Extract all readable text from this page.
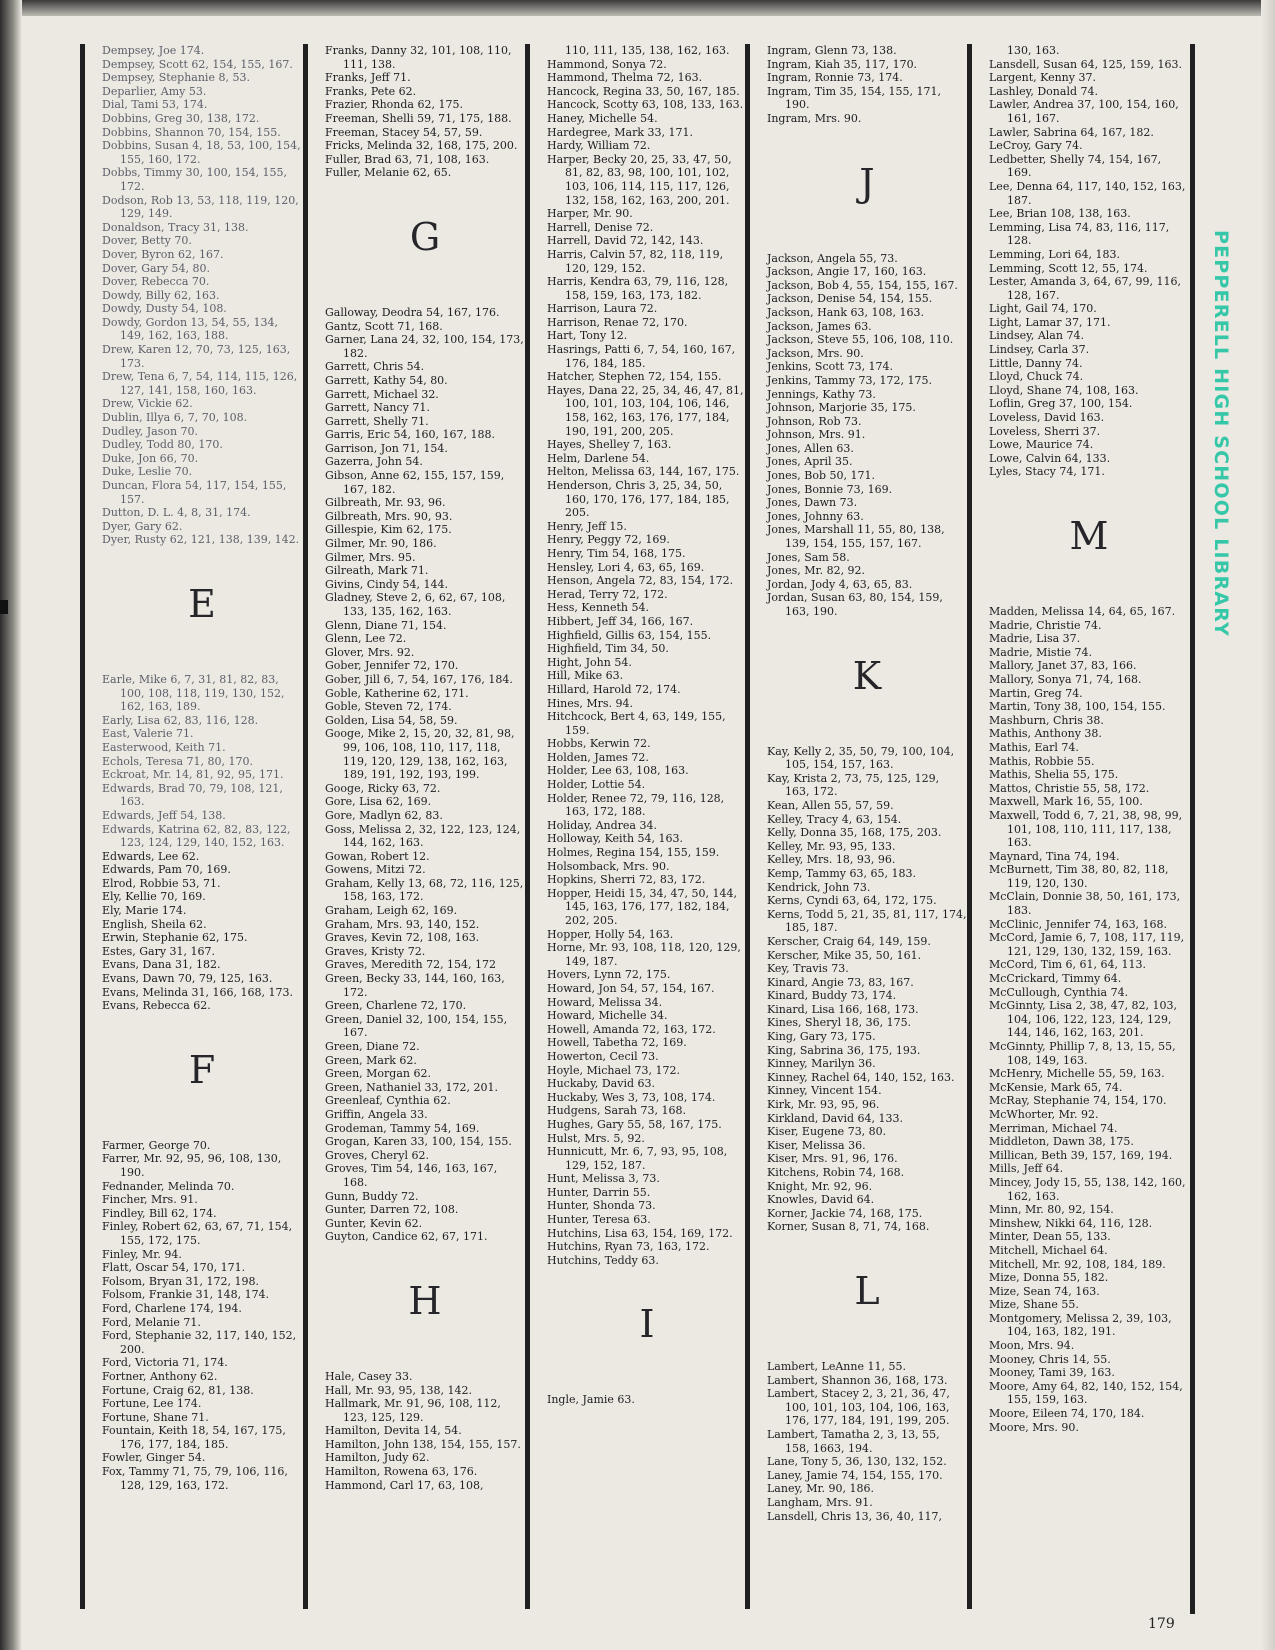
Dempsey, Joe 174.
Dempsey, Scott 62, 154, 155, 167.
Dempsey, Stephanie 8, 53.
Deparlier, Amy 53.
Dial, Tami 53, 174.
Dobbins, Greg 30, 138, 172.
Dobbins, Shannon 70, 154, 155.
Dobbins, Susan 4, 18, 53, 100, 154, 155, 160, 172.
Dobbs, Timmy 30, 100, 154, 155, 172.
Dodson, Rob 13, 53, 118, 119, 120, 129, 149.
Donaldson, Tracy 31, 138.
Dover, Betty 70.
Dover, Byron 62, 167.
Dover, Gary 54, 80.
Dover, Rebecca 70.
Dowdy, Billy 62, 163.
Dowdy, Dusty 54, 108.
Dowdy, Gordon 13, 54, 55, 134, 149, 162, 163, 188.
Drew, Karen 12, 70, 73, 125, 163, 173.
Drew, Tena 6, 7, 54, 114, 115, 126, 127, 141, 158, 160, 163.
Drew, Vickie 62.
Dublin, Illya 6, 7, 70, 108.
Dudley, Jason 70.
Dudley, Todd 80, 170.
Duke, Jon 66, 70.
Duke, Leslie 70.
Duncan, Flora 54, 117, 154, 155, 157.
Dutton, D. L. 4, 8, 31, 174.
Dyer, Gary 62.
Dyer, Rusty 62, 121, 138, 139, 142.
E
Earle, Mike 6, 7, 31, 81, 82, 83, 100, 108, 118, 119, 130, 152, 162, 163, 189.
Early, Lisa 62, 83, 116, 128.
East, Valerie 71.
Easterwood, Keith 71.
Echols, Teresa 71, 80, 170.
Eckroat, Mr. 14, 81, 92, 95, 171.
Edwards, Brad 70, 79, 108, 121, 163.
Edwards, Jeff 54, 138.
Edwards, Katrina 62, 82, 83, 122, 123, 124, 129, 140, 152, 163.
Edwards, Lee 62.
Edwards, Pam 70, 169.
Elrod, Robbie 53, 71.
Ely, Kellie 70, 169.
Ely, Marie 174.
English, Sheila 62.
Erwin, Stephanie 62, 175.
Estes, Gary 31, 167.
Evans, Dana 31, 182.
Evans, Dawn 70, 79, 125, 163.
Evans, Melinda 31, 166, 168, 173.
Evans, Rebecca 62.
F
Farmer, George 70.
Farrer, Mr. 92, 95, 96, 108, 130, 190.
Fednander, Melinda 70.
Fincher, Mrs. 91.
Findley, Bill 62, 174.
Finley, Robert 62, 63, 67, 71, 154, 155, 172, 175.
Finley, Mr. 94.
Flatt, Oscar 54, 170, 171.
Folsom, Bryan 31, 172, 198.
Folsom, Frankie 31, 148, 174.
Ford, Charlene 174, 194.
Ford, Melanie 71.
Ford, Stephanie 32, 117, 140, 152, 200.
Ford, Victoria 71, 174.
Fortner, Anthony 62.
Fortune, Craig 62, 81, 138.
Fortune, Lee 174.
Fortune, Shane 71.
Fountain, Keith 18, 54, 167, 175, 176, 177, 184, 185.
Fowler, Ginger 54.
Fox, Tammy 71, 75, 79, 106, 116, 128, 129, 163, 172.
Franks, Danny 32, 101, 108, 110, 111, 138.
Franks, Jeff 71.
Franks, Pete 62.
Frazier, Rhonda 62, 175.
Freeman, Shelli 59, 71, 175, 188.
Freeman, Stacey 54, 57, 59.
Fricks, Melinda 32, 168, 175, 200.
Fuller, Brad 63, 71, 108, 163.
Fuller, Melanie 62, 65.
G
Galloway, Deodra 54, 167, 176.
Gantz, Scott 71, 168.
Garner, Lana 24, 32, 100, 154, 173, 182.
Garrett, Chris 54.
Garrett, Kathy 54, 80.
Garrett, Michael 32.
Garrett, Nancy 71.
Garrett, Shelly 71.
Garris, Eric 54, 160, 167, 188.
Garrison, Jon 71, 154.
Gazerra, John 54.
Gibson, Anne 62, 155, 157, 159, 167, 182.
Gilbreath, Mr. 93, 96.
Gilbreath, Mrs. 90, 93.
Gillespie, Kim 62, 175.
Gilmer, Mr. 90, 186.
Gilmer, Mrs. 95.
Gilreath, Mark 71.
Givins, Cindy 54, 144.
Gladney, Steve 2, 6, 62, 67, 108, 133, 135, 162, 163.
Glenn, Diane 71, 154.
Glenn, Lee 72.
Glover, Mrs. 92.
Gober, Jennifer 72, 170.
Gober, Jill 6, 7, 54, 167, 176, 184.
Goble, Katherine 62, 171.
Goble, Steven 72, 174.
Golden, Lisa 54, 58, 59.
Googe, Mike 2, 15, 20, 32, 81, 98, 99, 106, 108, 110, 117, 118, 119, 120, 129, 138, 162, 163, 189, 191, 192, 193, 199.
Googe, Ricky 63, 72.
Gore, Lisa 62, 169.
Gore, Madlyn 62, 83.
Goss, Melissa 2, 32, 122, 123, 124, 144, 162, 163.
Gowan, Robert 12.
Gowens, Mitzi 72.
Graham, Kelly 13, 68, 72, 116, 125, 158, 163, 172.
Graham, Leigh 62, 169.
Graham, Mrs. 93, 140, 152.
Graves, Kevin 72, 108, 163.
Graves, Kristy 72.
Graves, Meredith 72, 154, 172
Green, Becky 33, 144, 160, 163, 172.
Green, Charlene 72, 170.
Green, Daniel 32, 100, 154, 155, 167.
Green, Diane 72.
Green, Mark 62.
Green, Morgan 62.
Green, Nathaniel 33, 172, 201.
Greenleaf, Cynthia 62.
Griffin, Angela 33.
Grodeman, Tammy 54, 169.
Grogan, Karen 33, 100, 154, 155.
Groves, Cheryl 62.
Groves, Tim 54, 146, 163, 167, 168.
Gunn, Buddy 72.
Gunter, Darren 72, 108.
Gunter, Kevin 62.
Guyton, Candice 62, 67, 171.
H
Hale, Casey 33.
Hall, Mr. 93, 95, 138, 142.
Hallmark, Mr. 91, 96, 108, 112, 123, 125, 129.
Hamilton, Devita 14, 54.
Hamilton, John 138, 154, 155, 157.
Hamilton, Judy 62.
Hamilton, Rowena 63, 176.
Hammond, Carl 17, 63, 108,
110, 111, 135, 138, 162, 163.
Hammond, Sonya 72.
Hammond, Thelma 72, 163.
Hancock, Regina 33, 50, 167, 185.
Hancock, Scotty 63, 108, 133, 163.
Haney, Michelle 54.
Hardegree, Mark 33, 171.
Hardy, William 72.
Harper, Becky 20, 25, 33, 47, 50, 81, 82, 83, 98, 100, 101, 102, 103, 106, 114, 115, 117, 126, 132, 158, 162, 163, 200, 201.
Harper, Mr. 90.
Harrell, Denise 72.
Harrell, David 72, 142, 143.
Harris, Calvin 57, 82, 118, 119, 120, 129, 152.
Harris, Kendra 63, 79, 116, 128, 158, 159, 163, 173, 182.
Harrison, Laura 72.
Harrison, Renae 72, 170.
Hart, Tony 12.
Hasrings, Patti 6, 7, 54, 160, 167, 176, 184, 185.
Hatcher, Stephen 72, 154, 155.
Hayes, Dana 22, 25, 34, 46, 47, 81, 100, 101, 103, 104, 106, 146, 158, 162, 163, 176, 177, 184, 190, 191, 200, 205.
Hayes, Shelley 7, 163.
Helm, Darlene 54.
Helton, Melissa 63, 144, 167, 175.
Henderson, Chris 3, 25, 34, 50, 160, 170, 176, 177, 184, 185, 205.
Henry, Jeff 15.
Henry, Peggy 72, 169.
Henry, Tim 54, 168, 175.
Hensley, Lori 4, 63, 65, 169.
Henson, Angela 72, 83, 154, 172.
Herad, Terry 72, 172.
Hess, Kenneth 54.
Hibbert, Jeff 34, 166, 167.
Highfield, Gillis 63, 154, 155.
Highfield, Tim 34, 50.
Hight, John 54.
Hill, Mike 63.
Hillard, Harold 72, 174.
Hines, Mrs. 94.
Hitchcock, Bert 4, 63, 149, 155, 159.
Hobbs, Kerwin 72.
Holden, James 72.
Holder, Lee 63, 108, 163.
Holder, Lottie 54.
Holder, Renee 72, 79, 116, 128, 163, 172, 188.
Holiday, Andrea 34.
Holloway, Keith 54, 163.
Holmes, Regina 154, 155, 159.
Holsomback, Mrs. 90.
Hopkins, Sherri 72, 83, 172.
Hopper, Heidi 15, 34, 47, 50, 144, 145, 163, 176, 177, 182, 184, 202, 205.
Hopper, Holly 54, 163.
Horne, Mr. 93, 108, 118, 120, 129, 149, 187.
Hovers, Lynn 72, 175.
Howard, Jon 54, 57, 154, 167.
Howard, Melissa 34.
Howard, Michelle 34.
Howell, Amanda 72, 163, 172.
Howell, Tabetha 72, 169.
Howerton, Cecil 73.
Hoyle, Michael 73, 172.
Huckaby, David 63.
Huckaby, Wes 3, 73, 108, 174.
Hudgens, Sarah 73, 168.
Hughes, Gary 55, 58, 167, 175.
Hulst, Mrs. 5, 92.
Hunnicutt, Mr. 6, 7, 93, 95, 108, 129, 152, 187.
Hunt, Melissa 3, 73.
Hunter, Darrin 55.
Hunter, Shonda 73.
Hunter, Teresa 63.
Hutchins, Lisa 63, 154, 169, 172.
Hutchins, Ryan 73, 163, 172.
Hutchins, Teddy 63.
I
Ingle, Jamie 63.
Ingram, Glenn 73, 138.
Ingram, Kiah 35, 117, 170.
Ingram, Ronnie 73, 174.
Ingram, Tim 35, 154, 155, 171, 190.
Ingram, Mrs. 90.
J
Jackson, Angela 55, 73.
Jackson, Angie 17, 160, 163.
Jackson, Bob 4, 55, 154, 155, 167.
Jackson, Denise 54, 154, 155.
Jackson, Hank 63, 108, 163.
Jackson, James 63.
Jackson, Steve 55, 106, 108, 110.
Jackson, Mrs. 90.
Jenkins, Scott 73, 174.
Jenkins, Tammy 73, 172, 175.
Jennings, Kathy 73.
Johnson, Marjorie 35, 175.
Johnson, Rob 73.
Johnson, Mrs. 91.
Jones, Allen 63.
Jones, April 35.
Jones, Bob 50, 171.
Jones, Bonnie 73, 169.
Jones, Dawn 73.
Jones, Johnny 63.
Jones, Marshall 11, 55, 80, 138, 139, 154, 155, 157, 167.
Jones, Sam 58.
Jones, Mr. 82, 92.
Jordan, Jody 4, 63, 65, 83.
Jordan, Susan 63, 80, 154, 159, 163, 190.
K
Kay, Kelly 2, 35, 50, 79, 100, 104, 105, 154, 157, 163.
Kay, Krista 2, 73, 75, 125, 129, 163, 172.
Kean, Allen 55, 57, 59.
Kelley, Tracy 4, 63, 154.
Kelly, Donna 35, 168, 175, 203.
Kelley, Mr. 93, 95, 133.
Kelley, Mrs. 18, 93, 96.
Kemp, Tammy 63, 65, 183.
Kendrick, John 73.
Kerns, Cyndi 63, 64, 172, 175.
Kerns, Todd 5, 21, 35, 81, 117, 174, 185, 187.
Kerscher, Craig 64, 149, 159.
Kerscher, Mike 35, 50, 161.
Key, Travis 73.
Kinard, Angie 73, 83, 167.
Kinard, Buddy 73, 174.
Kinard, Lisa 166, 168, 173.
Kines, Sheryl 18, 36, 175.
King, Gary 73, 175.
King, Sabrina 36, 175, 193.
Kinney, Marilyn 36.
Kinney, Rachel 64, 140, 152, 163.
Kinney, Vincent 154.
Kirk, Mr. 93, 95, 96.
Kirkland, David 64, 133.
Kiser, Eugene 73, 80.
Kiser, Melissa 36.
Kiser, Mrs. 91, 96, 176.
Kitchens, Robin 74, 168.
Knight, Mr. 92, 96.
Knowles, David 64.
Korner, Jackie 74, 168, 175.
Korner, Susan 8, 71, 74, 168.
L
Lambert, LeAnne 11, 55.
Lambert, Shannon 36, 168, 173.
Lambert, Stacey 2, 3, 21, 36, 47, 100, 101, 103, 104, 106, 163, 176, 177, 184, 191, 199, 205.
Lambert, Tamatha 2, 3, 13, 55, 158, 1663, 194.
Lane, Tony 5, 36, 130, 132, 152.
Laney, Jamie 74, 154, 155, 170.
Laney, Mr. 90, 186.
Langham, Mrs. 91.
Lansdell, Chris 13, 36, 40, 117,
130, 163.
Lansdell, Susan 64, 125, 159, 163.
Largent, Kenny 37.
Lashley, Donald 74.
Lawler, Andrea 37, 100, 154, 160, 161, 167.
Lawler, Sabrina 64, 167, 182.
LeCroy, Gary 74.
Ledbetter, Shelly 74, 154, 167, 169.
Lee, Denna 64, 117, 140, 152, 163, 187.
Lee, Brian 108, 138, 163.
Lemming, Lisa 74, 83, 116, 117, 128.
Lemming, Lori 64, 183.
Lemming, Scott 12, 55, 174.
Lester, Amanda 3, 64, 67, 99, 116, 128, 167.
Light, Gail 74, 170.
Light, Lamar 37, 171.
Lindsey, Alan 74.
Lindsey, Carla 37.
Little, Danny 74.
Lloyd, Chuck 74.
Lloyd, Shane 74, 108, 163.
Loflin, Greg 37, 100, 154.
Loveless, David 163.
Loveless, Sherri 37.
Lowe, Maurice 74.
Lowe, Calvin 64, 133.
Lyles, Stacy 74, 171.
M
Madden, Melissa 14, 64, 65, 167.
Madrie, Christie 74.
Madrie, Lisa 37.
Madrie, Mistie 74.
Mallory, Janet 37, 83, 166.
Mallory, Sonya 71, 74, 168.
Martin, Greg 74.
Martin, Tony 38, 100, 154, 155.
Mashburn, Chris 38.
Mathis, Anthony 38.
Mathis, Earl 74.
Mathis, Robbie 55.
Mathis, Shelia 55, 175.
Mattos, Christie 55, 58, 172.
Maxwell, Mark 16, 55, 100.
Maxwell, Todd 6, 7, 21, 38, 98, 99, 101, 108, 110, 111, 117, 138, 163.
Maynard, Tina 74, 194.
McBurnett, Tim 38, 80, 82, 118, 119, 120, 130.
McClain, Donnie 38, 50, 161, 173, 183.
McClinic, Jennifer 74, 163, 168.
McCord, Jamie 6, 7, 108, 117, 119, 121, 129, 130, 132, 159, 163.
McCord, Tim 6, 61, 64, 113.
McCrickard, Timmy 64.
McCullough, Cynthia 74.
McGinnty, Lisa 2, 38, 47, 82, 103, 104, 106, 122, 123, 124, 129, 144, 146, 162, 163, 201.
McGinnty, Phillip 7, 8, 13, 15, 55, 108, 149, 163.
McHenry, Michelle 55, 59, 163.
McKensie, Mark 65, 74.
McRay, Stephanie 74, 154, 170.
McWhorter, Mr. 92.
Merriman, Michael 74.
Middleton, Dawn 38, 175.
Millican, Beth 39, 157, 169, 194.
Mills, Jeff 64.
Mincey, Jody 15, 55, 138, 142, 160, 162, 163.
Minn, Mr. 80, 92, 154.
Minshew, Nikki 64, 116, 128.
Minter, Dean 55, 133.
Mitchell, Michael 64.
Mitchell, Mr. 92, 108, 184, 189.
Mize, Donna 55, 182.
Mize, Sean 74, 163.
Mize, Shane 55.
Montgomery, Melissa 2, 39, 103, 104, 163, 182, 191.
Moon, Mrs. 94.
Mooney, Chris 14, 55.
Mooney, Tami 39, 163.
Moore, Amy 64, 82, 140, 152, 154, 155, 159, 163.
Moore, Eileen 74, 170, 184.
Moore, Mrs. 90.
PEPPERELL HIGH SCHOOL LIBRARY
179
